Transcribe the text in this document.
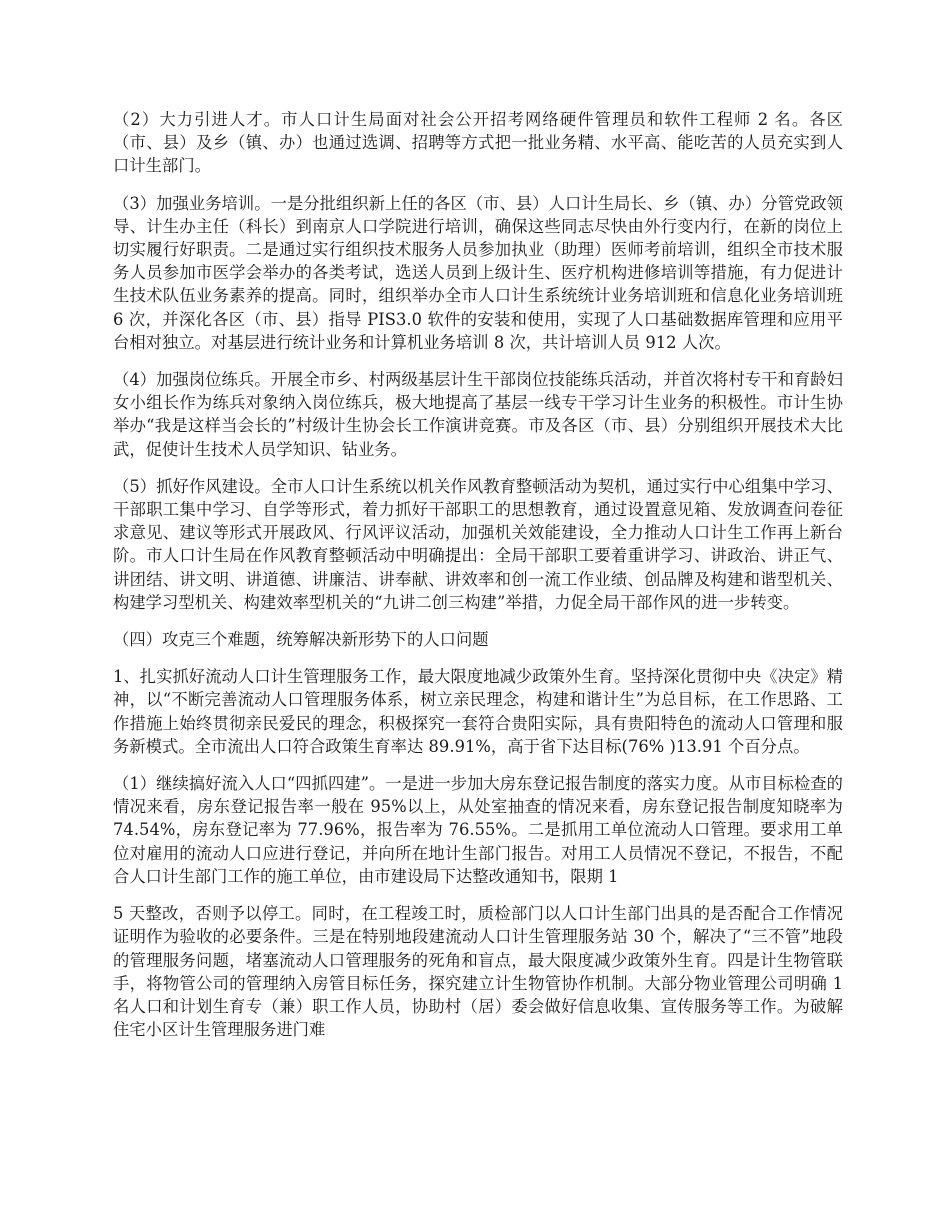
（2）大力引进人才。市人口计生局面对社会公开招考网络硬件管理员和软件工程师 2 名。各区（市、县）及乡（镇、办）也通过选调、招聘等方式把一批业务精、水平高、能吃苦的人员充实到人口计生部门。

（3）加强业务培训。一是分批组织新上任的各区（市、县）人口计生局长、乡（镇、办）分管党政领导、计生办主任（科长）到南京人口学院进行培训，确保这些同志尽快由外行变内行，在新的岗位上切实履行好职责。二是通过实行组织技术服务人员参加执业（助理）医师考前培训，组织全市技术服务人员参加市医学会举办的各类考试，选送人员到上级计生、医疗机构进修培训等措施，有力促进计生技术队伍业务素养的提高。同时，组织举办全市人口计生系统统计业务培训班和信息化业务培训班 6 次，并深化各区（市、县）指导 PIS3.0 软件的安装和使用，实现了人口基础数据库管理和应用平台相对独立。对基层进行统计业务和计算机业务培训 8 次，共计培训人员 912 人次。

（4）加强岗位练兵。开展全市乡、村两级基层计生干部岗位技能练兵活动，并首次将村专干和育龄妇女小组长作为练兵对象纳入岗位练兵，极大地提高了基层一线专干学习计生业务的积极性。市计生协举办“我是这样当会长的”村级计生协会长工作演讲竞赛。市及各区（市、县）分别组织开展技术大比武，促使计生技术人员学知识、钻业务。

（5）抓好作风建设。全市人口计生系统以机关作风教育整顿活动为契机，通过实行中心组集中学习、干部职工集中学习、自学等形式，着力抓好干部职工的思想教育，通过设置意见箱、发放调查问卷征求意见、建议等形式开展政风、行风评议活动，加强机关效能建设，全力推动人口计生工作再上新台阶。市人口计生局在作风教育整顿活动中明确提出：全局干部职工要着重讲学习、讲政治、讲正气、讲团结、讲文明、讲道德、讲廉洁、讲奉献、讲效率和创一流工作业绩、创品牌及构建和谐型机关、构建学习型机关、构建效率型机关的“九讲二创三构建”举措，力促全局干部作风的进一步转变。

（四）攻克三个难题，统筹解决新形势下的人口问题

1、扎实抓好流动人口计生管理服务工作，最大限度地减少政策外生育。坚持深化贯彻中央《决定》精神，以“不断完善流动人口管理服务体系，树立亲民理念，构建和谐计生”为总目标，在工作思路、工作措施上始终贯彻亲民爱民的理念，积极探究一套符合贵阳实际，具有贵阳特色的流动人口管理和服务新模式。全市流出人口符合政策生育率达 89.91%，高于省下达目标(76% )13.91 个百分点。

（1）继续搞好流入人口“四抓四建”。一是进一步加大房东登记报告制度的落实力度。从市目标检查的情况来看，房东登记报告率一般在 95%以上，从处室抽查的情况来看，房东登记报告制度知晓率为 74.54%，房东登记率为 77.96%，报告率为 76.55%。二是抓用工单位流动人口管理。要求用工单位对雇用的流动人口应进行登记，并向所在地计生部门报告。对用工人员情况不登记，不报告，不配合人口计生部门工作的施工单位，由市建设局下达整改通知书，限期 1

5 天整改，否则予以停工。同时，在工程竣工时，质检部门以人口计生部门出具的是否配合工作情况证明作为验收的必要条件。三是在特别地段建流动人口计生管理服务站 30 个，解决了“三不管”地段的管理服务问题，堵塞流动人口管理服务的死角和盲点，最大限度减少政策外生育。四是计生物管联手，将物管公司的管理纳入房管目标任务，探究建立计生物管协作机制。大部分物业管理公司明确 1 名人口和计划生育专（兼）职工作人员，协助村（居）委会做好信息收集、宣传服务等工作。为破解住宅小区计生管理服务进门难
